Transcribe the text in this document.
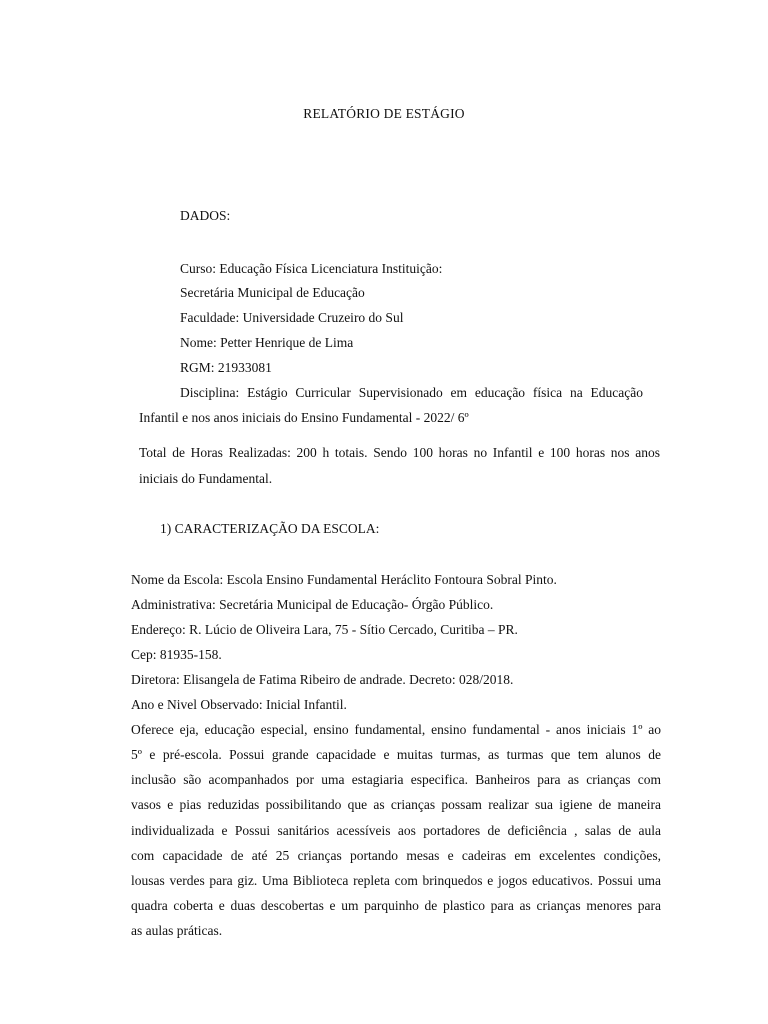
RELATÓRIO DE ESTÁGIO
DADOS:
Curso: Educação Física Licenciatura Instituição:
Secretária Municipal de Educação
Faculdade: Universidade Cruzeiro do Sul
Nome: Petter Henrique de Lima
RGM: 21933081
Disciplina: Estágio Curricular Supervisionado em educação física na Educação
Infantil e nos anos iniciais do Ensino Fundamental - 2022/ 6º
Total de Horas Realizadas: 200 h totais. Sendo 100 horas no Infantil e 100 horas nos anos
iniciais do Fundamental.
1) CARACTERIZAÇÃO DA ESCOLA:
Nome da Escola: Escola Ensino Fundamental Heráclito Fontoura Sobral Pinto.
Administrativa: Secretária Municipal de Educação- Órgão Público.
Endereço: R. Lúcio de Oliveira Lara, 75 - Sítio Cercado, Curitiba – PR.
Cep: 81935-158.
Diretora: Elisangela de Fatima Ribeiro de andrade. Decreto: 028/2018.
Ano e Nivel Observado: Inicial Infantil.
Oferece eja, educação especial, ensino fundamental, ensino fundamental - anos iniciais 1º ao
5º e pré-escola. Possui grande capacidade e muitas turmas, as turmas que tem alunos de
inclusão são acompanhados por uma estagiaria especifica. Banheiros para as crianças com
vasos e pias reduzidas possibilitando que as crianças possam realizar sua igiene de maneira
individualizada e Possui sanitários acessíveis aos portadores de deficiência , salas de aula
com capacidade de até 25 crianças portando mesas e cadeiras em excelentes condições,
lousas verdes para giz. Uma Biblioteca repleta com brinquedos e jogos educativos. Possui uma
quadra coberta e duas descobertas e um parquinho de plastico para as crianças menores para
as aulas práticas.
